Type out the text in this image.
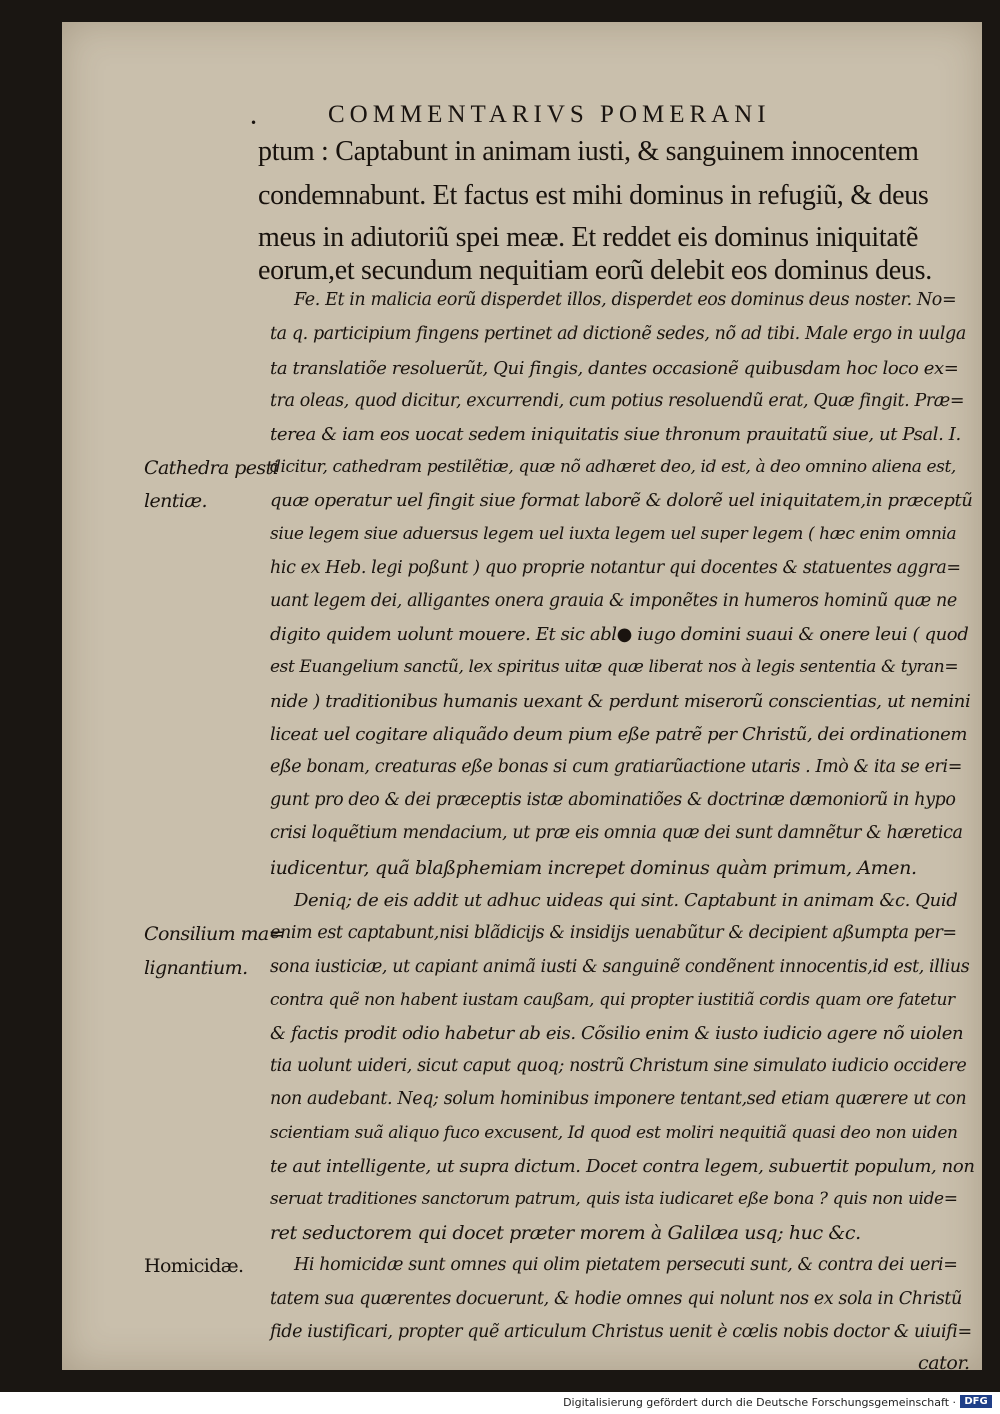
•	COMMENTARIVS POMERANI
ptum : Captabunt in animam iusti, & sanguinem innocentem
condemnabunt. Et factus est mihi dominus in refugiũ, & deus
meus in adiutoriũ spei meæ. Et reddet eis dominus iniquitatẽ
eorum,et secundum nequitiam eorũ delebit eos dominus deus.
Fe. Et in malicia eorũ disperdet illos, disperdet eos dominus deus noster. No=
ta q. participium fingens pertinet ad dictionẽ sedes, nõ ad tibi. Male ergo in uulga
ta translatiõe resoluerũt, Qui fingis, dantes occasionẽ quibusdam hoc loco ex=
tra oleas, quod dicitur, excurrendi, cum potius resoluendũ erat, Quæ fingit. Præ=
terea & iam eos uocat sedem iniquitatis siue thronum prauitatũ siue, ut Psal. I.
dicitur, cathedram pestilẽtiæ, quæ nõ adhæret deo, id est, à deo omnino aliena est,
quæ operatur uel fingit siue format laborẽ & dolorẽ uel iniquitatem,in præceptũ
siue legem siue aduersus legem uel iuxta legem uel super legem ( hæc enim omnia
hic ex Heb. legi poßunt ) quo proprie notantur qui docentes & statuentes aggra=
uant legem dei, alligantes onera grauia & imponẽtes in humeros hominũ quæ ne
digito quidem uolunt mouere. Et sic abl● iugo domini suaui & onere leui ( quod
est Euangelium sanctũ, lex spiritus uitæ quæ liberat nos à legis sententia & tyran=
nide ) traditionibus humanis uexant & perdunt miserorũ conscientias, ut nemini
liceat uel cogitare aliquãdo deum pium eße patrẽ per Christũ, dei ordinationem
eße bonam, creaturas eße bonas si cum gratiarũactione utaris . Imò & ita se eri=
gunt pro deo & dei præceptis istæ abominatiões & doctrinæ dæmoniorũ in hypo
crisi loquẽtium mendacium, ut præ eis omnia quæ dei sunt damnẽtur & hæretica
iudicentur, quã blaßphemiam increpet dominus quàm primum, Amen.
Deniq; de eis addit ut adhuc uideas qui sint. Captabunt in animam &c. Quid
enim est captabunt,nisi blãdicijs & insidijs uenabũtur & decipient aßumpta per=
sona iusticiæ, ut capiant animã iusti & sanguinẽ condẽnent innocentis,id est, illius
contra quẽ non habent iustam caußam, qui propter iustitiã cordis quam ore fatetur
& factis prodit odio habetur ab eis. Cõsilio enim & iusto iudicio agere nõ uiolen
tia uolunt uideri, sicut caput quoq; nostrũ Christum sine simulato iudicio occidere
non audebant. Neq; solum hominibus imponere tentant,sed etiam quærere ut con
scientiam suã aliquo fuco excusent, Id quod est moliri nequitiã quasi deo non uiden
te aut intelligente, ut supra dictum. Docet contra legem, subuertit populum, non
seruat traditiones sanctorum patrum, quis ista iudicaret eße bona ? quis non uide=
ret seductorem qui docet præter morem à Galilæa usq; huc &c.
Hi homicidæ sunt omnes qui olim pietatem persecuti sunt, & contra dei ueri=
tatem sua quærentes docuerunt, & hodie omnes qui nolunt nos ex sola in Christũ
fide iustificari, propter quẽ articulum Christus uenit è cœlis nobis doctor & uiuifi=
cator.
Cathedra pesti
lentiæ.
Consilium ma=
lignantium.
Homicidæ.
Digitalisierung gefördert durch die Deutsche Forschungsgemeinschaft · DFG
